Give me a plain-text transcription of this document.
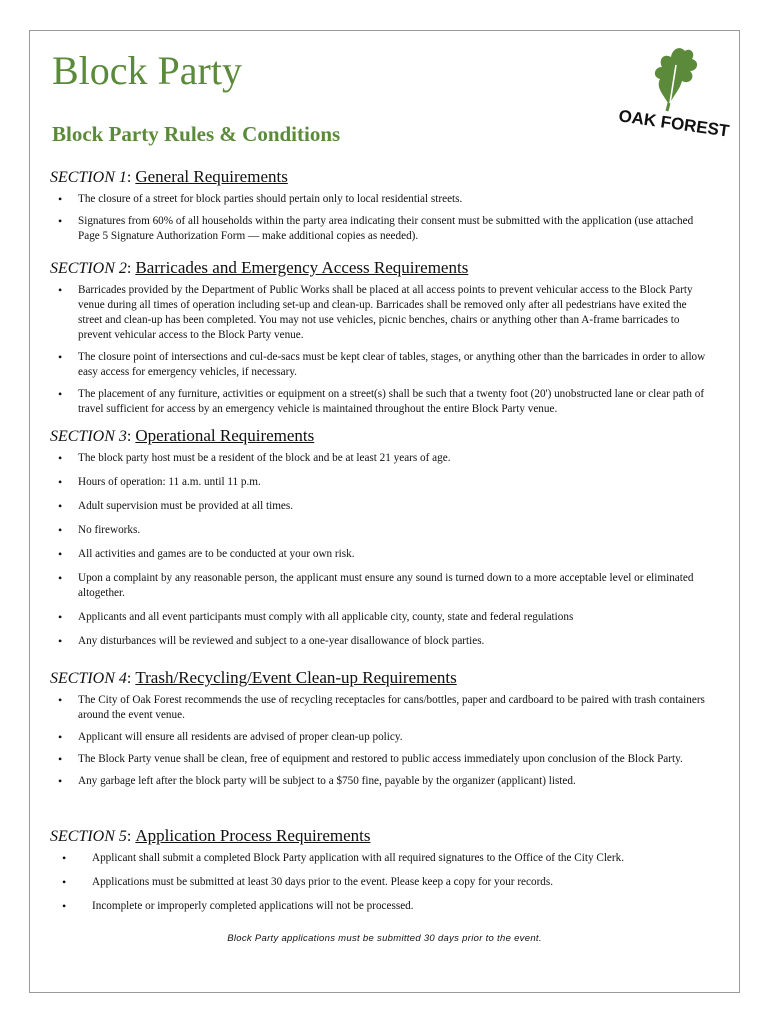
Block Party
OAK FOREST
Block Party Rules & Conditions
SECTION 1: General Requirements
• The closure of a street for block parties should pertain only to local residential streets.
• Signatures from 60% of all households within the party area indicating their consent must be submitted with the application (use attached Page 5 Signature Authorization Form — make additional copies as needed).
SECTION 2: Barricades and Emergency Access Requirements
• Barricades provided by the Department of Public Works shall be placed at all access points to prevent vehicular access to the Block Party venue during all times of operation including set-up and clean-up. Barricades shall be removed only after all pedestrians have exited the street and clean-up has been completed. You may not use vehicles, picnic benches, chairs or anything other than A-frame barricades to prevent vehicular access to the Block Party venue.
• The closure point of intersections and cul-de-sacs must be kept clear of tables, stages, or anything other than the barricades in order to allow easy access for emergency vehicles, if necessary.
• The placement of any furniture, activities or equipment on a street(s) shall be such that a twenty foot (20') unobstructed lane or clear path of travel sufficient for access by an emergency vehicle is maintained throughout the entire Block Party venue.
SECTION 3: Operational Requirements
• The block party host must be a resident of the block and be at least 21 years of age.
• Hours of operation: 11 a.m. until 11 p.m.
• Adult supervision must be provided at all times.
• No fireworks.
• All activities and games are to be conducted at your own risk.
• Upon a complaint by any reasonable person, the applicant must ensure any sound is turned down to a more acceptable level or eliminated altogether.
• Applicants and all event participants must comply with all applicable city, county, state and federal regulations
• Any disturbances will be reviewed and subject to a one-year disallowance of block parties.
SECTION 4: Trash/Recycling/Event Clean-up Requirements
• The City of Oak Forest recommends the use of recycling receptacles for cans/bottles, paper and cardboard to be paired with trash containers around the event venue.
• Applicant will ensure all residents are advised of proper clean-up policy.
• The Block Party venue shall be clean, free of equipment and restored to public access immediately upon conclusion of the Block Party.
• Any garbage left after the block party will be subject to a $750 fine, payable by the organizer (applicant) listed.
SECTION 5: Application Process Requirements
• Applicant shall submit a completed Block Party application with all required signatures to the Office of the City Clerk.
• Applications must be submitted at least 30 days prior to the event. Please keep a copy for your records.
• Incomplete or improperly completed applications will not be processed.
Block Party applications must be submitted 30 days prior to the event.
